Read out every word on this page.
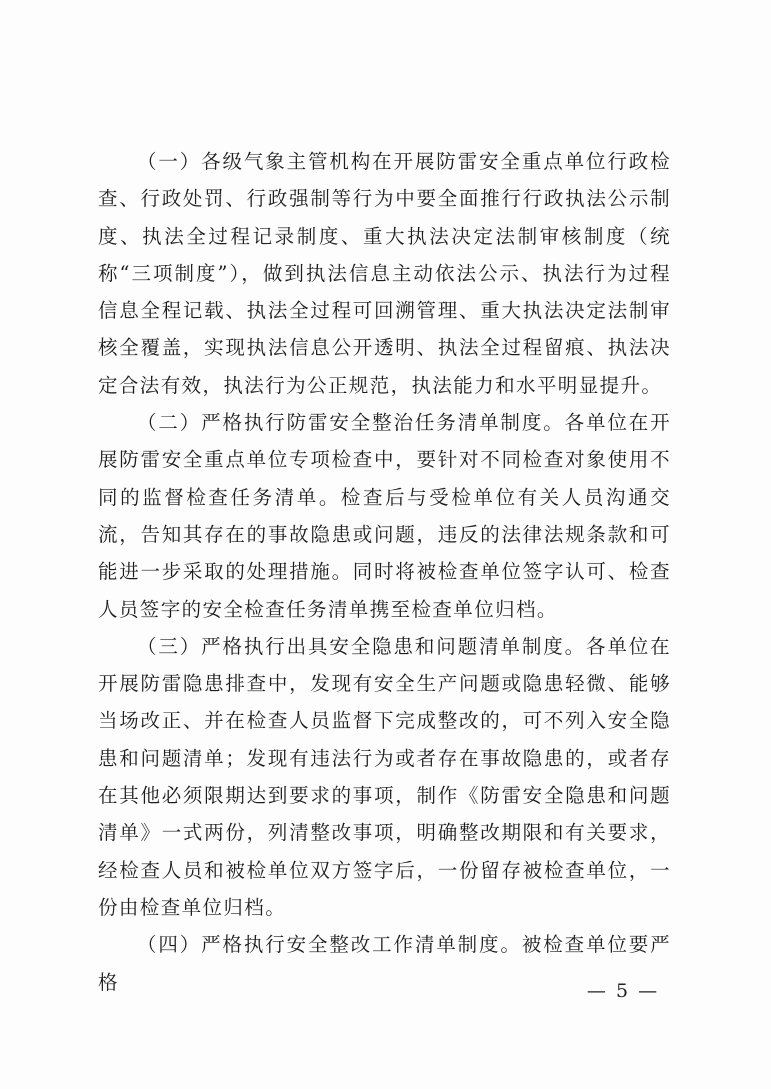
（一）各级气象主管机构在开展防雷安全重点单位行政检查、行政处罚、行政强制等行为中要全面推行行政执法公示制度、执法全过程记录制度、重大执法决定法制审核制度（统称“三项制度”），做到执法信息主动依法公示、执法行为过程信息全程记载、执法全过程可回溯管理、重大执法决定法制审核全覆盖，实现执法信息公开透明、执法全过程留痕、执法决定合法有效，执法行为公正规范，执法能力和水平明显提升。

（二）严格执行防雷安全整治任务清单制度。各单位在开展防雷安全重点单位专项检查中，要针对不同检查对象使用不同的监督检查任务清单。检查后与受检单位有关人员沟通交流，告知其存在的事故隐患或问题，违反的法律法规条款和可能进一步采取的处理措施。同时将被检查单位签字认可、检查人员签字的安全检查任务清单携至检查单位归档。

（三）严格执行出具安全隐患和问题清单制度。各单位在开展防雷隐患排查中，发现有安全生产问题或隐患轻微、能够当场改正、并在检查人员监督下完成整改的，可不列入安全隐患和问题清单；发现有违法行为或者存在事故隐患的，或者存在其他必须限期达到要求的事项，制作《防雷安全隐患和问题清单》一式两份，列清整改事项，明确整改期限和有关要求，经检查人员和被检单位双方签字后，一份留存被检查单位，一份由检查单位归档。

（四）严格执行安全整改工作清单制度。被检查单位要严格	— 5 —
